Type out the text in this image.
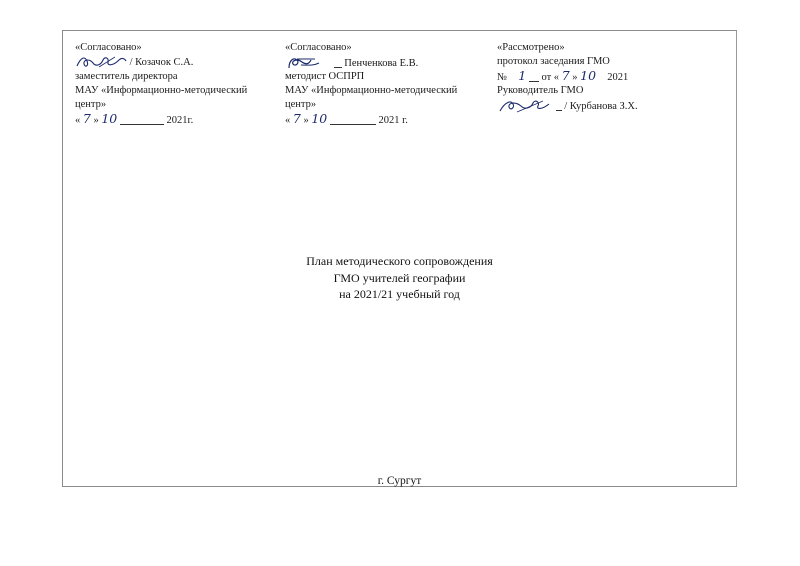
«Согласовано»
/ Козачок С.А.
заместитель директора
МАУ «Информационно-методический
центр»
« 7 » 10	2021г.
«Согласовано»
Пенченкова Е.В.
методист ОСПРП
МАУ «Информационно-методический
центр»
« 7 » 10	2021 г.
«Рассмотрено»
протокол заседания ГМО
№ 1 от « 7 » 10 2021
Руководитель ГМО
/ Курбанова З.Х.
План методического сопровождения
ГМО учителей географии
на 2021/21 учебный год
г. Сургут
